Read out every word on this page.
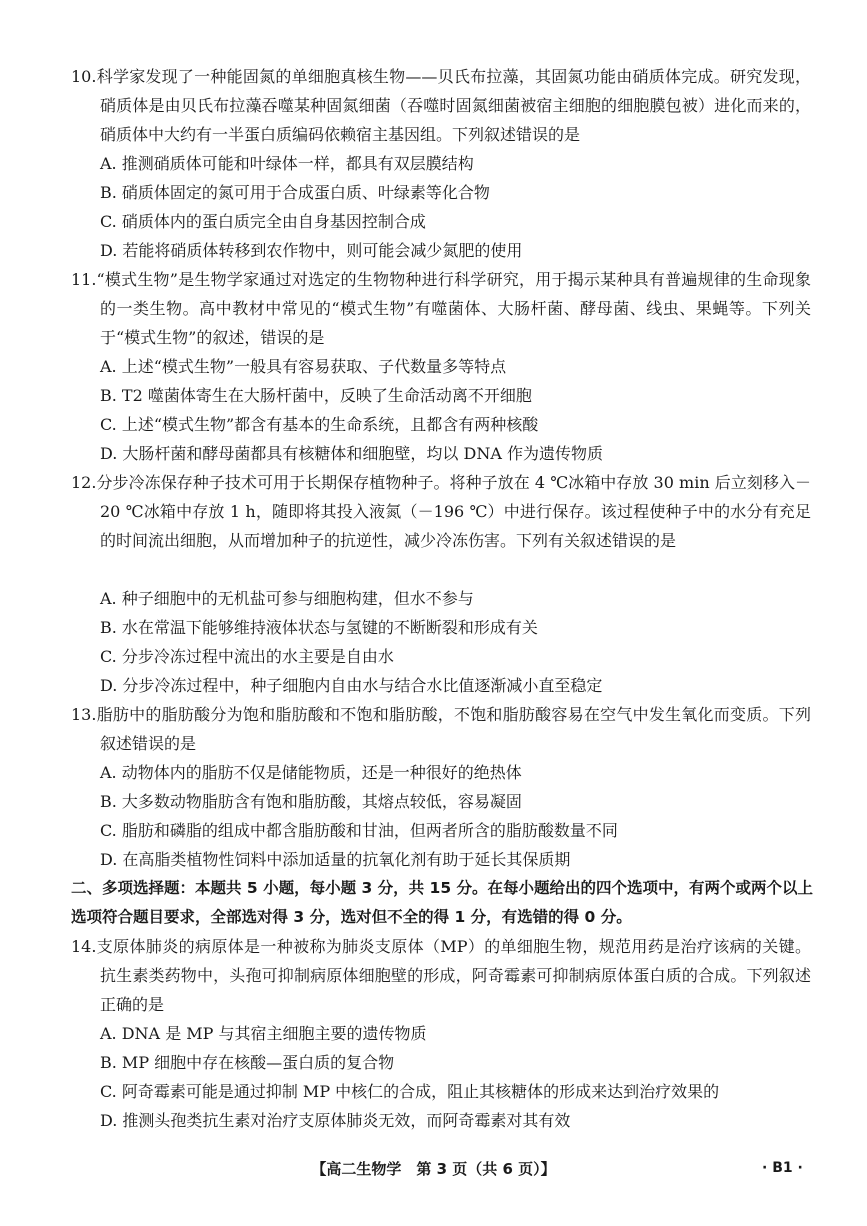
10.科学家发现了一种能固氮的单细胞真核生物——贝氏布拉藻，其固氮功能由硝质体完成。研究发现，硝质体是由贝氏布拉藻吞噬某种固氮细菌（吞噬时固氮细菌被宿主细胞的细胞膜包被）进化而来的，硝质体中大约有一半蛋白质编码依赖宿主基因组。下列叙述错误的是
A. 推测硝质体可能和叶绿体一样，都具有双层膜结构
B. 硝质体固定的氮可用于合成蛋白质、叶绿素等化合物
C. 硝质体内的蛋白质完全由自身基因控制合成
D. 若能将硝质体转移到农作物中，则可能会减少氮肥的使用
11.“模式生物”是生物学家通过对选定的生物物种进行科学研究，用于揭示某种具有普遍规律的生命现象的一类生物。高中教材中常见的“模式生物”有噬菌体、大肠杆菌、酵母菌、线虫、果蝇等。下列关于“模式生物”的叙述，错误的是
A. 上述“模式生物”一般具有容易获取、子代数量多等特点
B. T2 噬菌体寄生在大肠杆菌中，反映了生命活动离不开细胞
C. 上述“模式生物”都含有基本的生命系统，且都含有两种核酸
D. 大肠杆菌和酵母菌都具有核糖体和细胞壁，均以 DNA 作为遗传物质
12.分步冷冻保存种子技术可用于长期保存植物种子。将种子放在 4 ℃冰箱中存放 30 min 后立刻移入－20 ℃冰箱中存放 1 h，随即将其投入液氮（－196 ℃）中进行保存。该过程使种子中的水分有充足的时间流出细胞，从而增加种子的抗逆性，减少冷冻伤害。下列有关叙述错误的是
A. 种子细胞中的无机盐可参与细胞构建，但水不参与
B. 水在常温下能够维持液体状态与氢键的不断断裂和形成有关
C. 分步冷冻过程中流出的水主要是自由水
D. 分步冷冻过程中，种子细胞内自由水与结合水比值逐渐减小直至稳定
13.脂肪中的脂肪酸分为饱和脂肪酸和不饱和脂肪酸，不饱和脂肪酸容易在空气中发生氧化而变质。下列叙述错误的是
A. 动物体内的脂肪不仅是储能物质，还是一种很好的绝热体
B. 大多数动物脂肪含有饱和脂肪酸，其熔点较低，容易凝固
C. 脂肪和磷脂的组成中都含脂肪酸和甘油，但两者所含的脂肪酸数量不同
D. 在高脂类植物性饲料中添加适量的抗氧化剂有助于延长其保质期
二、多项选择题：本题共 5 小题，每小题 3 分，共 15 分。在每小题给出的四个选项中，有两个或两个以上选项符合题目要求，全部选对得 3 分，选对但不全的得 1 分，有选错的得 0 分。
14.支原体肺炎的病原体是一种被称为肺炎支原体（MP）的单细胞生物，规范用药是治疗该病的关键。抗生素类药物中，头孢可抑制病原体细胞壁的形成，阿奇霉素可抑制病原体蛋白质的合成。下列叙述正确的是
A. DNA 是 MP 与其宿主细胞主要的遗传物质
B. MP 细胞中存在核酸—蛋白质的复合物
C. 阿奇霉素可能是通过抑制 MP 中核仁的合成，阻止其核糖体的形成来达到治疗效果的
D. 推测头孢类抗生素对治疗支原体肺炎无效，而阿奇霉素对其有效
【高二生物学　第 3 页（共 6 页）】	· B1 ·
